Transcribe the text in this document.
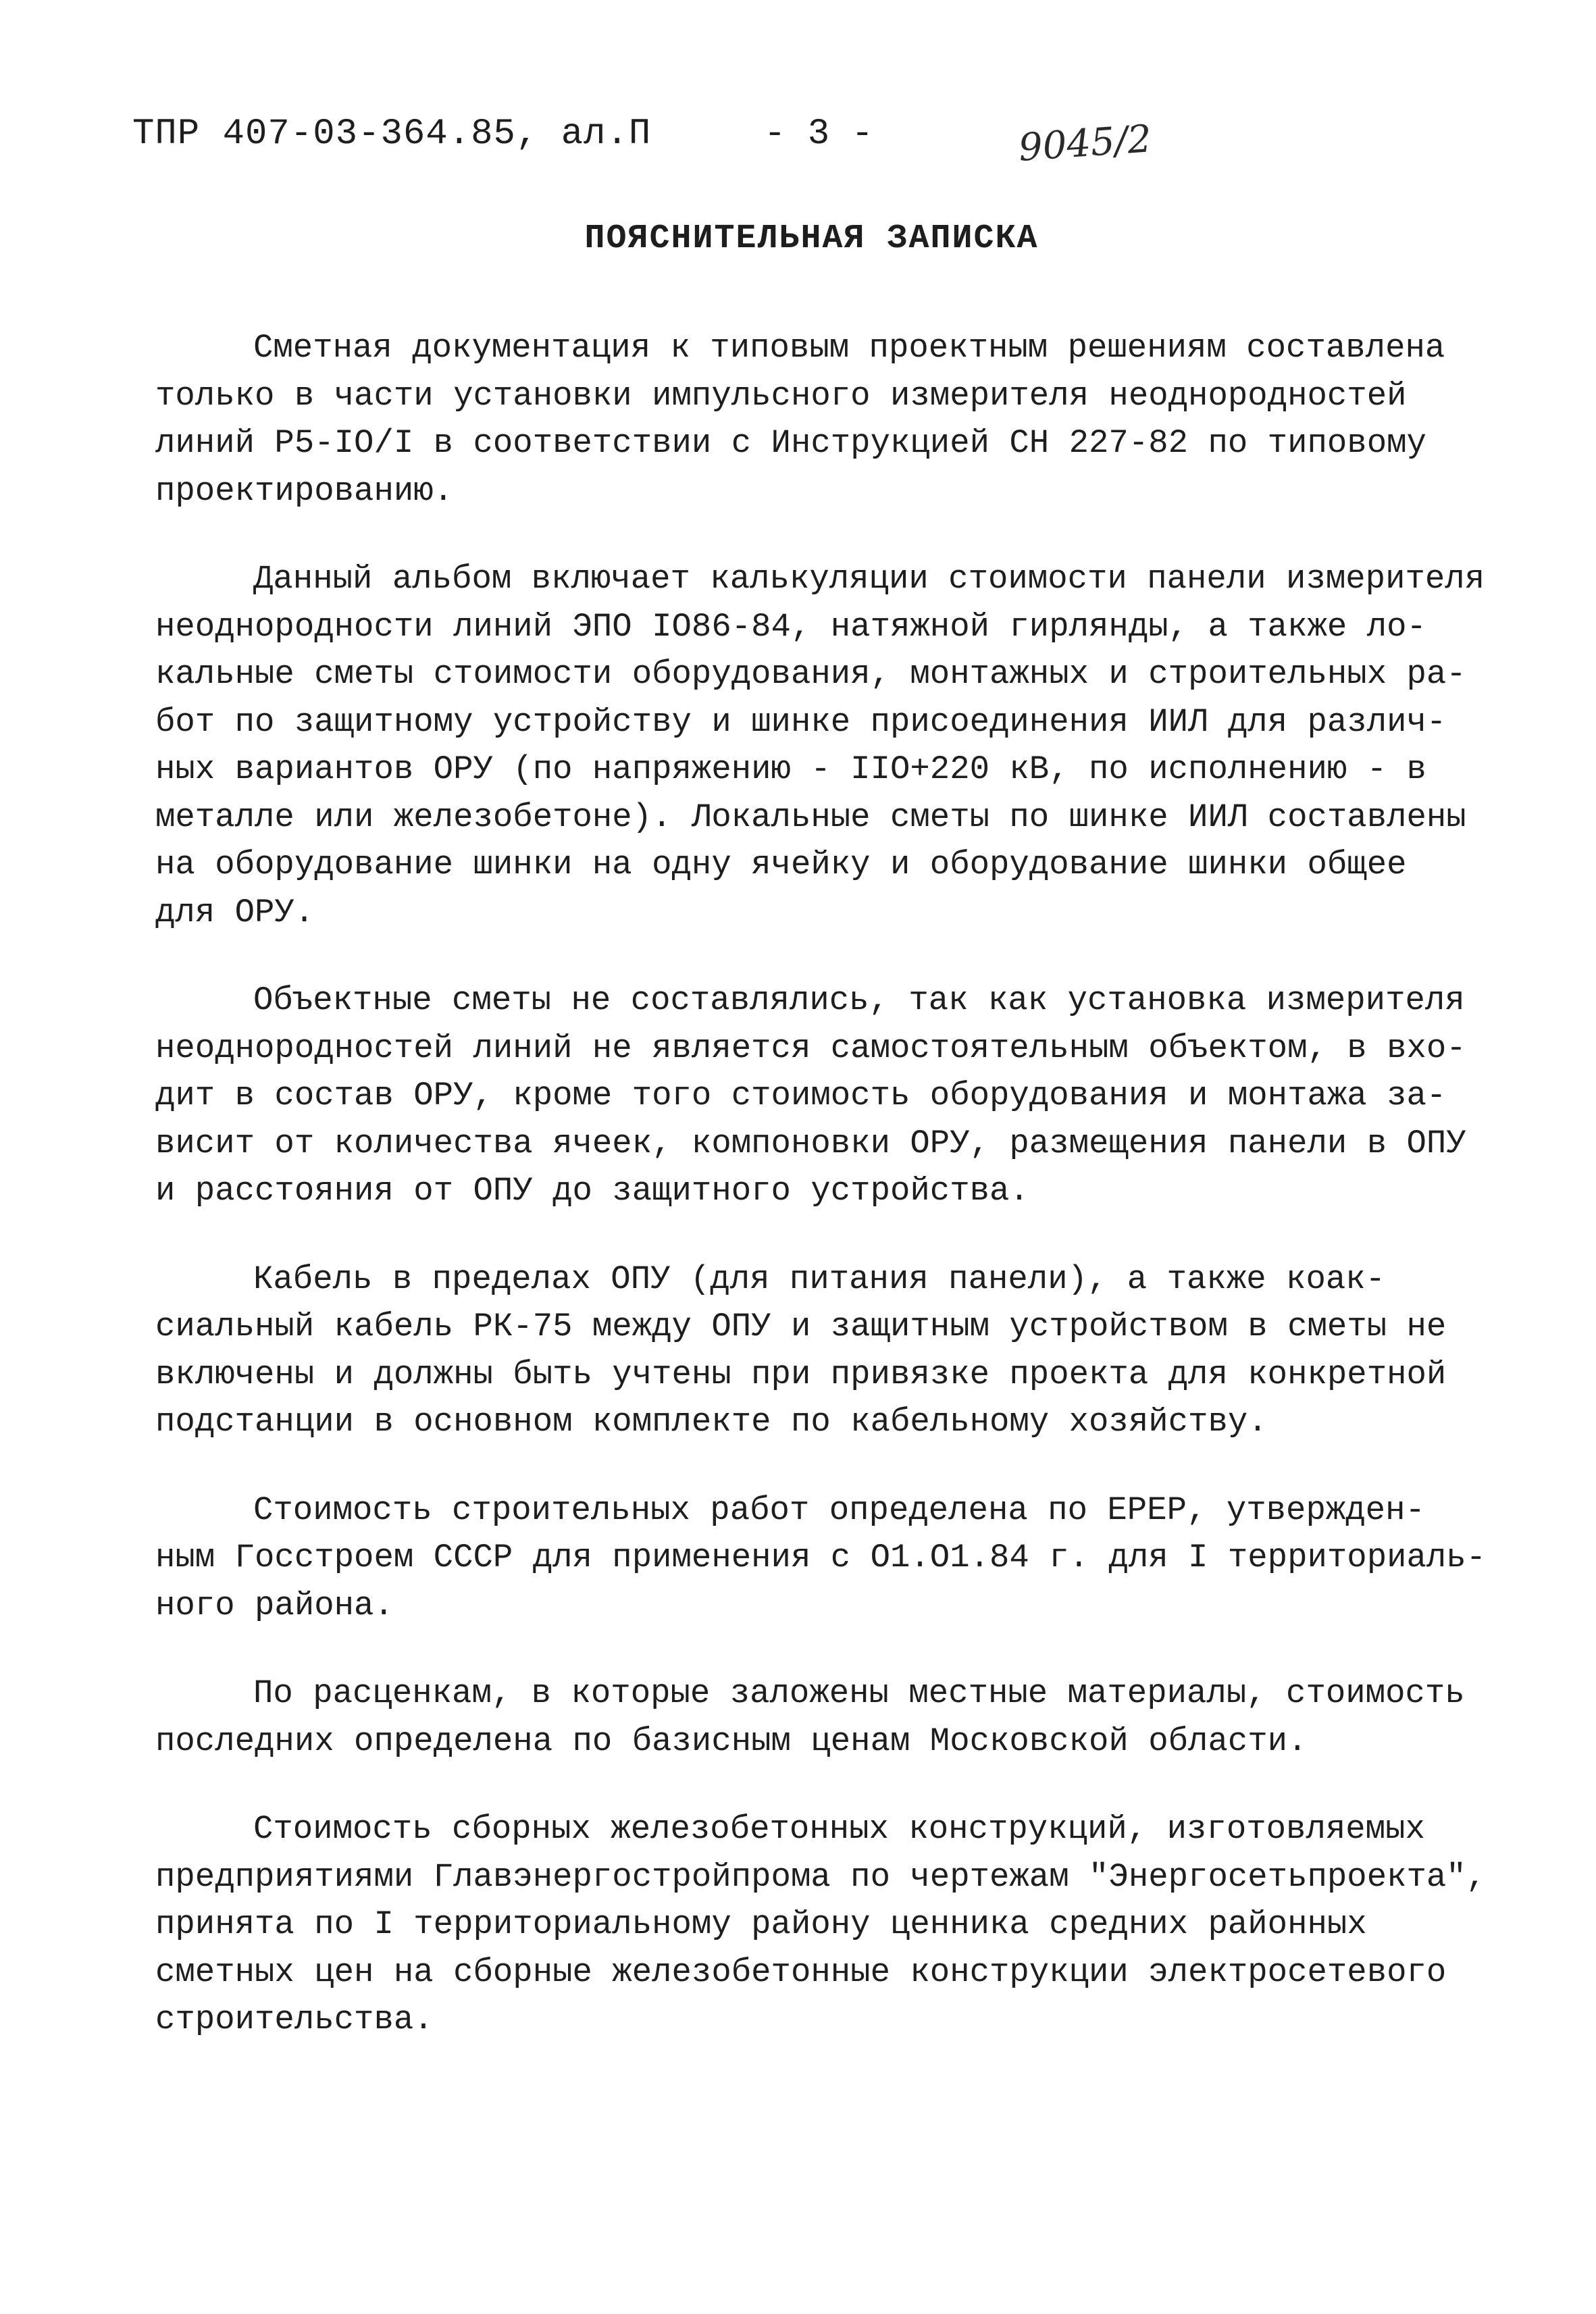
ТПР 407-03-364.85, ал.П	- 3 -	9045/2
ПОЯСНИТЕЛЬНАЯ ЗАПИСКА
Сметная документация к типовым проектным решениям составлена
только в части установки импульсного измерителя неоднородностей
линий Р5-IО/I в соответствии с Инструкцией СН 227-82 по типовому
проектированию.
Данный альбом включает калькуляции стоимости панели измерителя
неоднородности линий ЭПО IО86-84, натяжной гирлянды, а также ло-
кальные сметы стоимости оборудования, монтажных и строительных ра-
бот по защитному устройству и шинке присоединения ИИЛ для различ-
ных вариантов ОРУ (по напряжению - IIО+220 кВ, по исполнению - в
металле или железобетоне). Локальные сметы по шинке ИИЛ составлены
на оборудование шинки на одну ячейку и оборудование шинки общее
для ОРУ.
Объектные сметы не составлялись, так как установка измерителя
неоднородностей линий не является самостоятельным объектом, в вхо-
дит в состав ОРУ, кроме того стоимость оборудования и монтажа за-
висит от количества ячеек, компоновки ОРУ, размещения панели в ОПУ
и расстояния от ОПУ до защитного устройства.
Кабель в пределах ОПУ (для питания панели), а также коак-
сиальный кабель РК-75 между ОПУ и защитным устройством в сметы не
включены и должны быть учтены при привязке проекта для конкретной
подстанции в основном комплекте по кабельному хозяйству.
Стоимость строительных работ определена по ЕРЕР, утвержден-
ным Госстроем СССР для применения с О1.О1.84 г. для I территориаль-
ного района.
По расценкам, в которые заложены местные материалы, стоимость
последних определена по базисным ценам Московской области.
Стоимость сборных железобетонных конструкций, изготовляемых
предприятиями Главэнергостройпрома по чертежам "Энергосетьпроекта",
принята по I территориальному району ценника средних районных
сметных цен на сборные железобетонные конструкции электросетевого
строительства.
